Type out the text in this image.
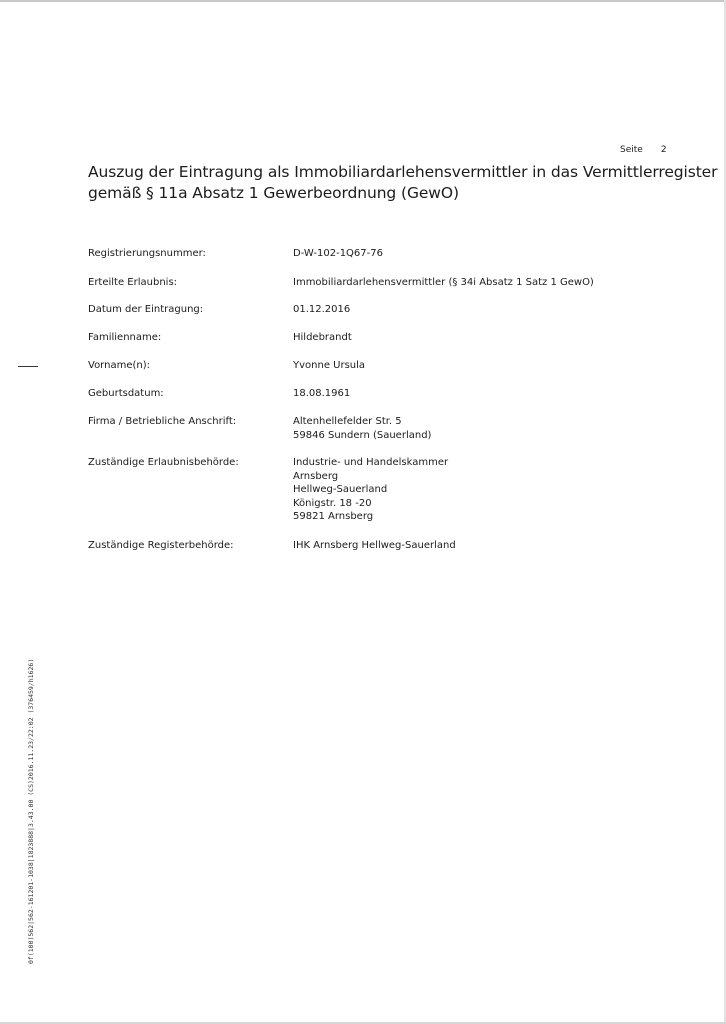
Seite 2
Auszug der Eintragung als Immobiliardarlehensvermittler in das Vermittlerregister
gemäß § 11a Absatz 1 Gewerbeordnung (GewO)
Registrierungsnummer:	D-W-102-1Q67-76
Erteilte Erlaubnis:	Immobiliardarlehensvermittler (§ 34i Absatz 1 Satz 1 GewO)
Datum der Eintragung:	01.12.2016
Familienname:	Hildebrandt
Vorname(n):	Yvonne Ursula
Geburtsdatum:	18.08.1961
Firma / Betriebliche Anschrift:	Altenhellefelder Str. 5
59846 Sundern (Sauerland)
Zuständige Erlaubnisbehörde:	Industrie- und Handelskammer
Arnsberg
Hellweg-Sauerland
Königstr. 18 -20
59821 Arnsberg
Zuständige Registerbehörde:	IHK Arnsberg Hellweg-Sauerland
0f(100)562|562-161201-1038|1823888|3.43.00 (CS)2016.11.23/22:02 (376459/h1626)
